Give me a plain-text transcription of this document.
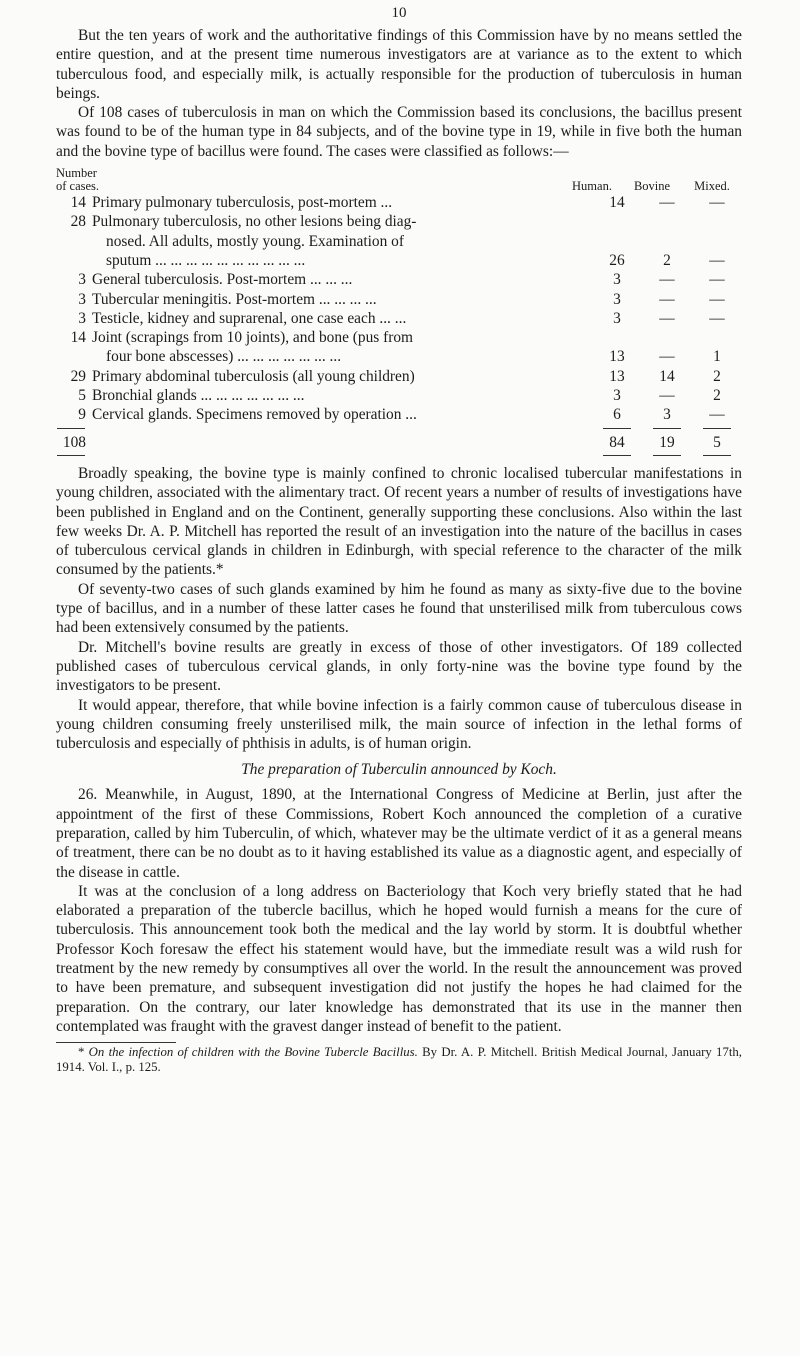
10

But the ten years of work and the authoritative findings of this Commission have by no means settled the entire question, and at the present time numerous investigators are at variance as to the extent to which tuberculous food, and especially milk, is actually responsible for the production of tuberculosis in human beings.

Of 108 cases of tuberculosis in man on which the Commission based its conclusions, the bacillus present was found to be of the human type in 84 subjects, and of the bovine type in 19, while in five both the human and the bovine type of bacillus were found. The cases were classified as follows:—

Number
of cases.	Human.	Bovine	Mixed.
14 Primary pulmonary tuberculosis, post-mortem ...	14	—	—
28 Pulmonary tuberculosis, no other lesions being diag-
nosed. All adults, mostly young. Examination of
sputum ... ... ... ... ... ... ... ... ... ...	26	2	—
3 General tuberculosis. Post-mortem ... ... ...	3	—	—
3 Tubercular meningitis. Post-mortem ... ... ... ...	3	—	—
3 Testicle, kidney and suprarenal, one case each ... ...	3	—	—
14 Joint (scrapings from 10 joints), and bone (pus from
four bone abscesses) ... ... ... ... ... ... ...	13	—	1
29 Primary abdominal tuberculosis (all young children)	13	14	2
5 Bronchial glands ... ... ... ... ... ... ...	3	—	2
9 Cervical glands. Specimens removed by operation ...	6	3	—
108	84	19	5

Broadly speaking, the bovine type is mainly confined to chronic localised tubercular manifestations in young children, associated with the alimentary tract. Of recent years a number of results of investigations have been published in England and on the Continent, generally supporting these conclusions. Also within the last few weeks Dr. A. P. Mitchell has reported the result of an investigation into the nature of the bacillus in cases of tuberculous cervical glands in children in Edinburgh, with special reference to the character of the milk consumed by the patients.*

Of seventy-two cases of such glands examined by him he found as many as sixty-five due to the bovine type of bacillus, and in a number of these latter cases he found that unsterilised milk from tuberculous cows had been extensively consumed by the patients.

Dr. Mitchell's bovine results are greatly in excess of those of other investigators. Of 189 collected published cases of tuberculous cervical glands, in only forty-nine was the bovine type found by the investigators to be present.

It would appear, therefore, that while bovine infection is a fairly common cause of tuberculous disease in young children consuming freely unsterilised milk, the main source of infection in the lethal forms of tuberculosis and especially of phthisis in adults, is of human origin.

The preparation of Tuberculin announced by Koch.

26. Meanwhile, in August, 1890, at the International Congress of Medicine at Berlin, just after the appointment of the first of these Commissions, Robert Koch announced the completion of a curative preparation, called by him Tuberculin, of which, whatever may be the ultimate verdict of it as a general means of treatment, there can be no doubt as to it having established its value as a diagnostic agent, and especially of the disease in cattle.

It was at the conclusion of a long address on Bacteriology that Koch very briefly stated that he had elaborated a preparation of the tubercle bacillus, which he hoped would furnish a means for the cure of tuberculosis. This announcement took both the medical and the lay world by storm. It is doubtful whether Professor Koch foresaw the effect his statement would have, but the immediate result was a wild rush for treatment by the new remedy by consumptives all over the world. In the result the announcement was proved to have been premature, and subsequent investigation did not justify the hopes he had claimed for the preparation. On the contrary, our later knowledge has demonstrated that its use in the manner then contemplated was fraught with the gravest danger instead of benefit to the patient.

* On the infection of children with the Bovine Tubercle Bacillus. By Dr. A. P. Mitchell. British Medical Journal, January 17th, 1914. Vol. I., p. 125.
